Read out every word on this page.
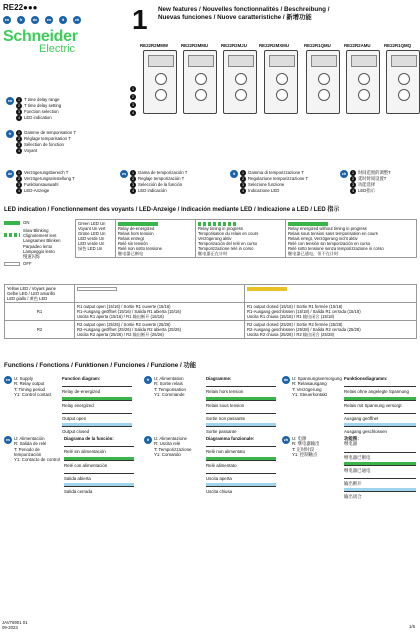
RE22●●●
en	fr	de	es	it	zh
Schneider
Electric
1 New features / Nouvelles fonctionnalités / Beschreibung /
Nuevas funciones / Nuove caratteristiche / 新增功能
RE22R2MMW	RE22R2MMU	RE22R2MJU	RE22R2MXMU	RE22R1QMU	RE22R2AMU	RE22R1QMQ
1
2
3
4
en	1 T time delay range
2 T time delay setting
3 Function selection
4 LED indication
fr	1 Gamme de temporisation T
2 Réglage temporisation T
3 Sélection de fonction
4 Voyant
de	1 Verzögerungsbereich T
2 Verzögerungseinstellung T
3 Funktionsauswahl
4 LED-Anzeige
es	1 Gama de temporización T
2 Reglaje temporización T
3 Selección de la función
4 LED indicación
it	1 Gamma di temporizzazione T
2 Regolazione temporizzazione T
3 Selezione funzione
4 Indicazione LED
zh	1 时间范围的调整T
2 延时时间设置T
3 功能选择
4 LED指示
LED indication / Fonctionnement des voyants / LED-Anzeige / Indicación mediante LED / Indicazione a LED / LED 指示
ON
Slow Blinking
Clignotement lent
Langsames Blinken
Parpadeo lento
Lampeggio lento
慢速闪烁
OFF
Green LED Un
Voyant Un vert
Grüne LED Un
LED verde Un
LED verde Un
绿色 LED Un	
Relay de-energized
Relais hors tension
Relais entregt
Relé sin tensión
Relè non sotto tensione
继电器已断电

Relay timing in progress
Temporisation du relais en cours
Verzögerung aktiv
Temporización del relé en curso
Temporizzazione relè in corso
继电器正在计时

Relay energized without timing in progress
Relais sous tension sans temporisation en cours
Relais erregt, Verzögerung nicht aktiv
Relé con tensión sin temporización en curso
Relè sotto tensione senza temporizzazione in corso
继电器已通电，但不在计时
Yellow LED / Voyant jaune
Gelbe LED / LED amarillo
LED giallo / 黄色 LED		
R1	R1 output open (15/16) / Sortie R1 ouverte (15/16)
R1-Ausgang geöffnet (15/16) / Salida R1 abierta (15/16)
Uscita R1 aperta (15/16) / R1 输出断开 (15/16)	R1 output closed (15/16) / Sortie R1 fermée (15/18)
R1-Ausgang geschlossen (15/18) / Salida R1 cerrada (15/18)
Uscita R1 chiusa (15/18) / R1 输出闭合 (15/18)
R2	R2 output open (25/26) / Sortie R2 ouverte (25/26)
R2-Ausgang geöffnet (25/26) / Salida R2 abierta (25/26)
Uscita R2 aperta (25/26) / R2 输出断开 (25/26)	R2 output closed (25/28) / Sortie R2 fermée (25/28)
R2-Ausgang geschlossen (25/28) / Salida R2 cerrada (25/28)
Uscita R2 chiusa (25/28) / R2 输出闭合 (25/28)
Functions / Fonctions / Funktionen / Funciones / Funzione / 功能
en U: Supply
R: Relay output
T: Timing period
Y1: Control contact
Function diagram:
Relay de-energized
Relay energized
Output open
Output closed
fr	U: Alimentation
R: Sortie relais
T: Temporisation
Y1: Commande
Diagramme:
Relais hors tension
Relais sous tension
Sortie non passante
Sortie passante
de U: Spannungsversorgung
R: Relaisausgang
T: Verzögerung
Y1: Steuerkontakt
Funktionsdiagramm:
Relais ohne angelegte Spannung
Relais mit Spannung versorgt
Ausgang geöffnet
Ausgang geschlossen
es U: Alimentación
R: Salida de relé
T: Periodo de temporización
Y1: Contacto de control
Diagrama de la función:
Relé sin alimentación
Relé con alimentación
Salida abierta
Salida cerrada
it	U: Alimentazione
R: Uscita relè
T: Temporizzazione
Y1: Comando
Diagramma funzionale:
Relè non alimentato
Relè alimentato
Uscita aperta
Uscita chiusa
zh U: 电源
R: 继电器输出
T: 定时时段
Y1: 控制触点
功能图：
继电器
继电器已断电
继电器已通电
输出断开
输出闭合
JAV76901 01
09-2023	1/6
